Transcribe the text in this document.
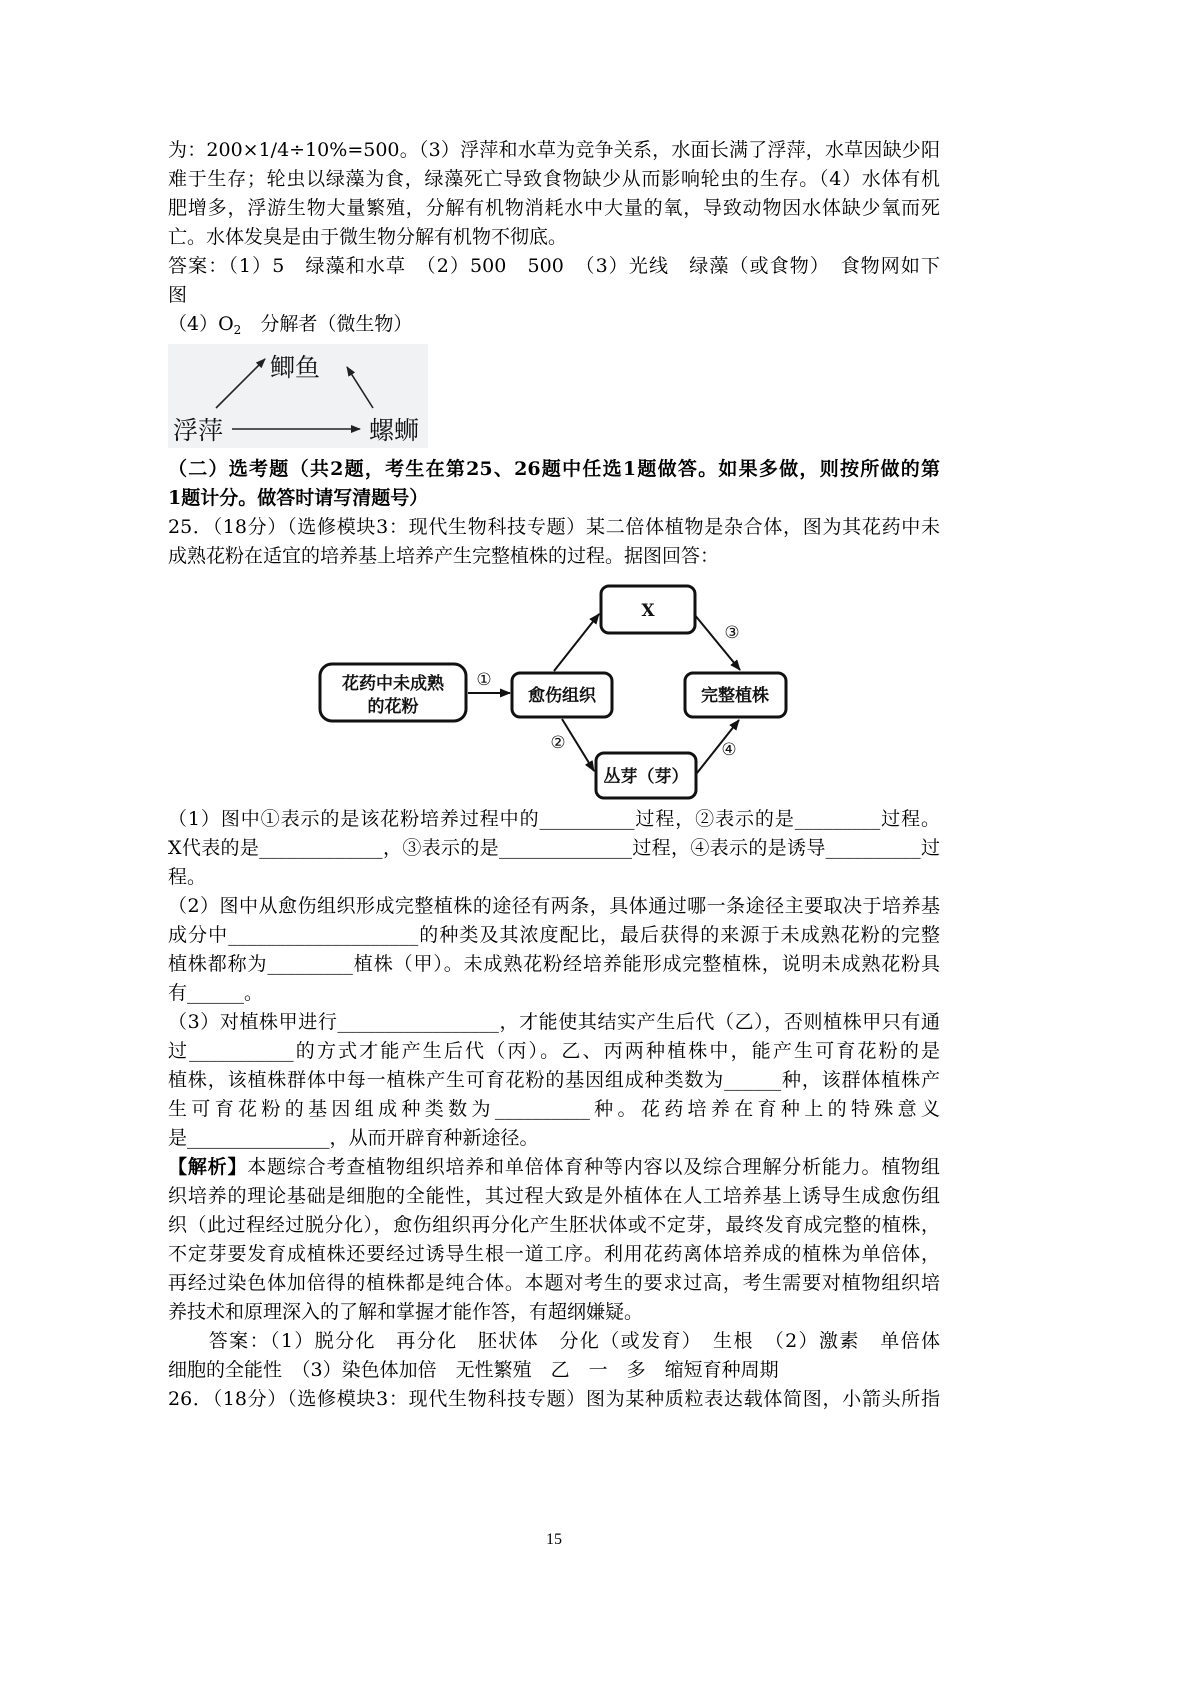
为：200×1/4÷10%=500。（3）浮萍和水草为竞争关系，水面长满了浮萍，水草因缺少阳
难于生存；轮虫以绿藻为食，绿藻死亡导致食物缺少从而影响轮虫的生存。（4）水体有机
肥增多，浮游生物大量繁殖，分解有机物消耗水中大量的氧，导致动物因水体缺少氧而死
亡。水体发臭是由于微生物分解有机物不彻底。
答案：（1）5　绿藻和水草　（2）500　500　（3）光线　绿藻（或食物）　食物网如下
图
$(4)O_2$　分解者（微生物）
鲫鱼
浮萍	螺蛳
（二）选考题（共2题，考生在第25、26题中任选1题做答。如果多做，则按所做的第
1题计分。做答时请写清题号）
25．（18分）（选修模块3：现代生物科技专题）某二倍体植物是杂合体，图为其花药中未
成熟花粉在适宜的培养基上培养产生完整植株的过程。据图回答：
花药中未成熟
的花粉
愈伤组织
X
完整植株
丛芽（芽）
①
③
②	④
（1）图中①表示的是该花粉培养过程中的__________过程，②表示的是_________过程。
X代表的是_____________，③表示的是______________过程，④表示的是诱导__________过
程。
（2）图中从愈伤组织形成完整植株的途径有两条，具体通过哪一条途径主要取决于培养基
成分中____________________的种类及其浓度配比，最后获得的来源于未成熟花粉的完整
植株都称为_________植株（甲）。未成熟花粉经培养能形成完整植株，说明未成熟花粉具
有______。
（3）对植株甲进行_________________，才能使其结实产生后代（乙），否则植株甲只有通
过___________的方式才能产生后代（丙）。乙、丙两种植株中，能产生可育花粉的是
植株，该植株群体中每一植株产生可育花粉的基因组成种类数为______种，该群体植株产
生可育花粉的基因组成种类数为__________种。花药培养在育种上的特殊意义
是_______________，从而开辟育种新途径。
【解析】本题综合考查植物组织培养和单倍体育种等内容以及综合理解分析能力。植物组
织培养的理论基础是细胞的全能性，其过程大致是外植体在人工培养基上诱导生成愈伤组
织（此过程经过脱分化），愈伤组织再分化产生胚状体或不定芽，最终发育成完整的植株，
不定芽要发育成植株还要经过诱导生根一道工序。利用花药离体培养成的植株为单倍体，
再经过染色体加倍得的植株都是纯合体。本题对考生的要求过高，考生需要对植物组织培
养技术和原理深入的了解和掌握才能作答，有超纲嫌疑。
　　答案：（1）脱分化　再分化　胚状体　分化（或发育）　生根　（2）激素　单倍体
细胞的全能性　（3）染色体加倍　无性繁殖　乙　一　多　缩短育种周期
26．（18分）（选修模块3：现代生物科技专题）图为某种质粒表达载体简图，小箭头所指
15
